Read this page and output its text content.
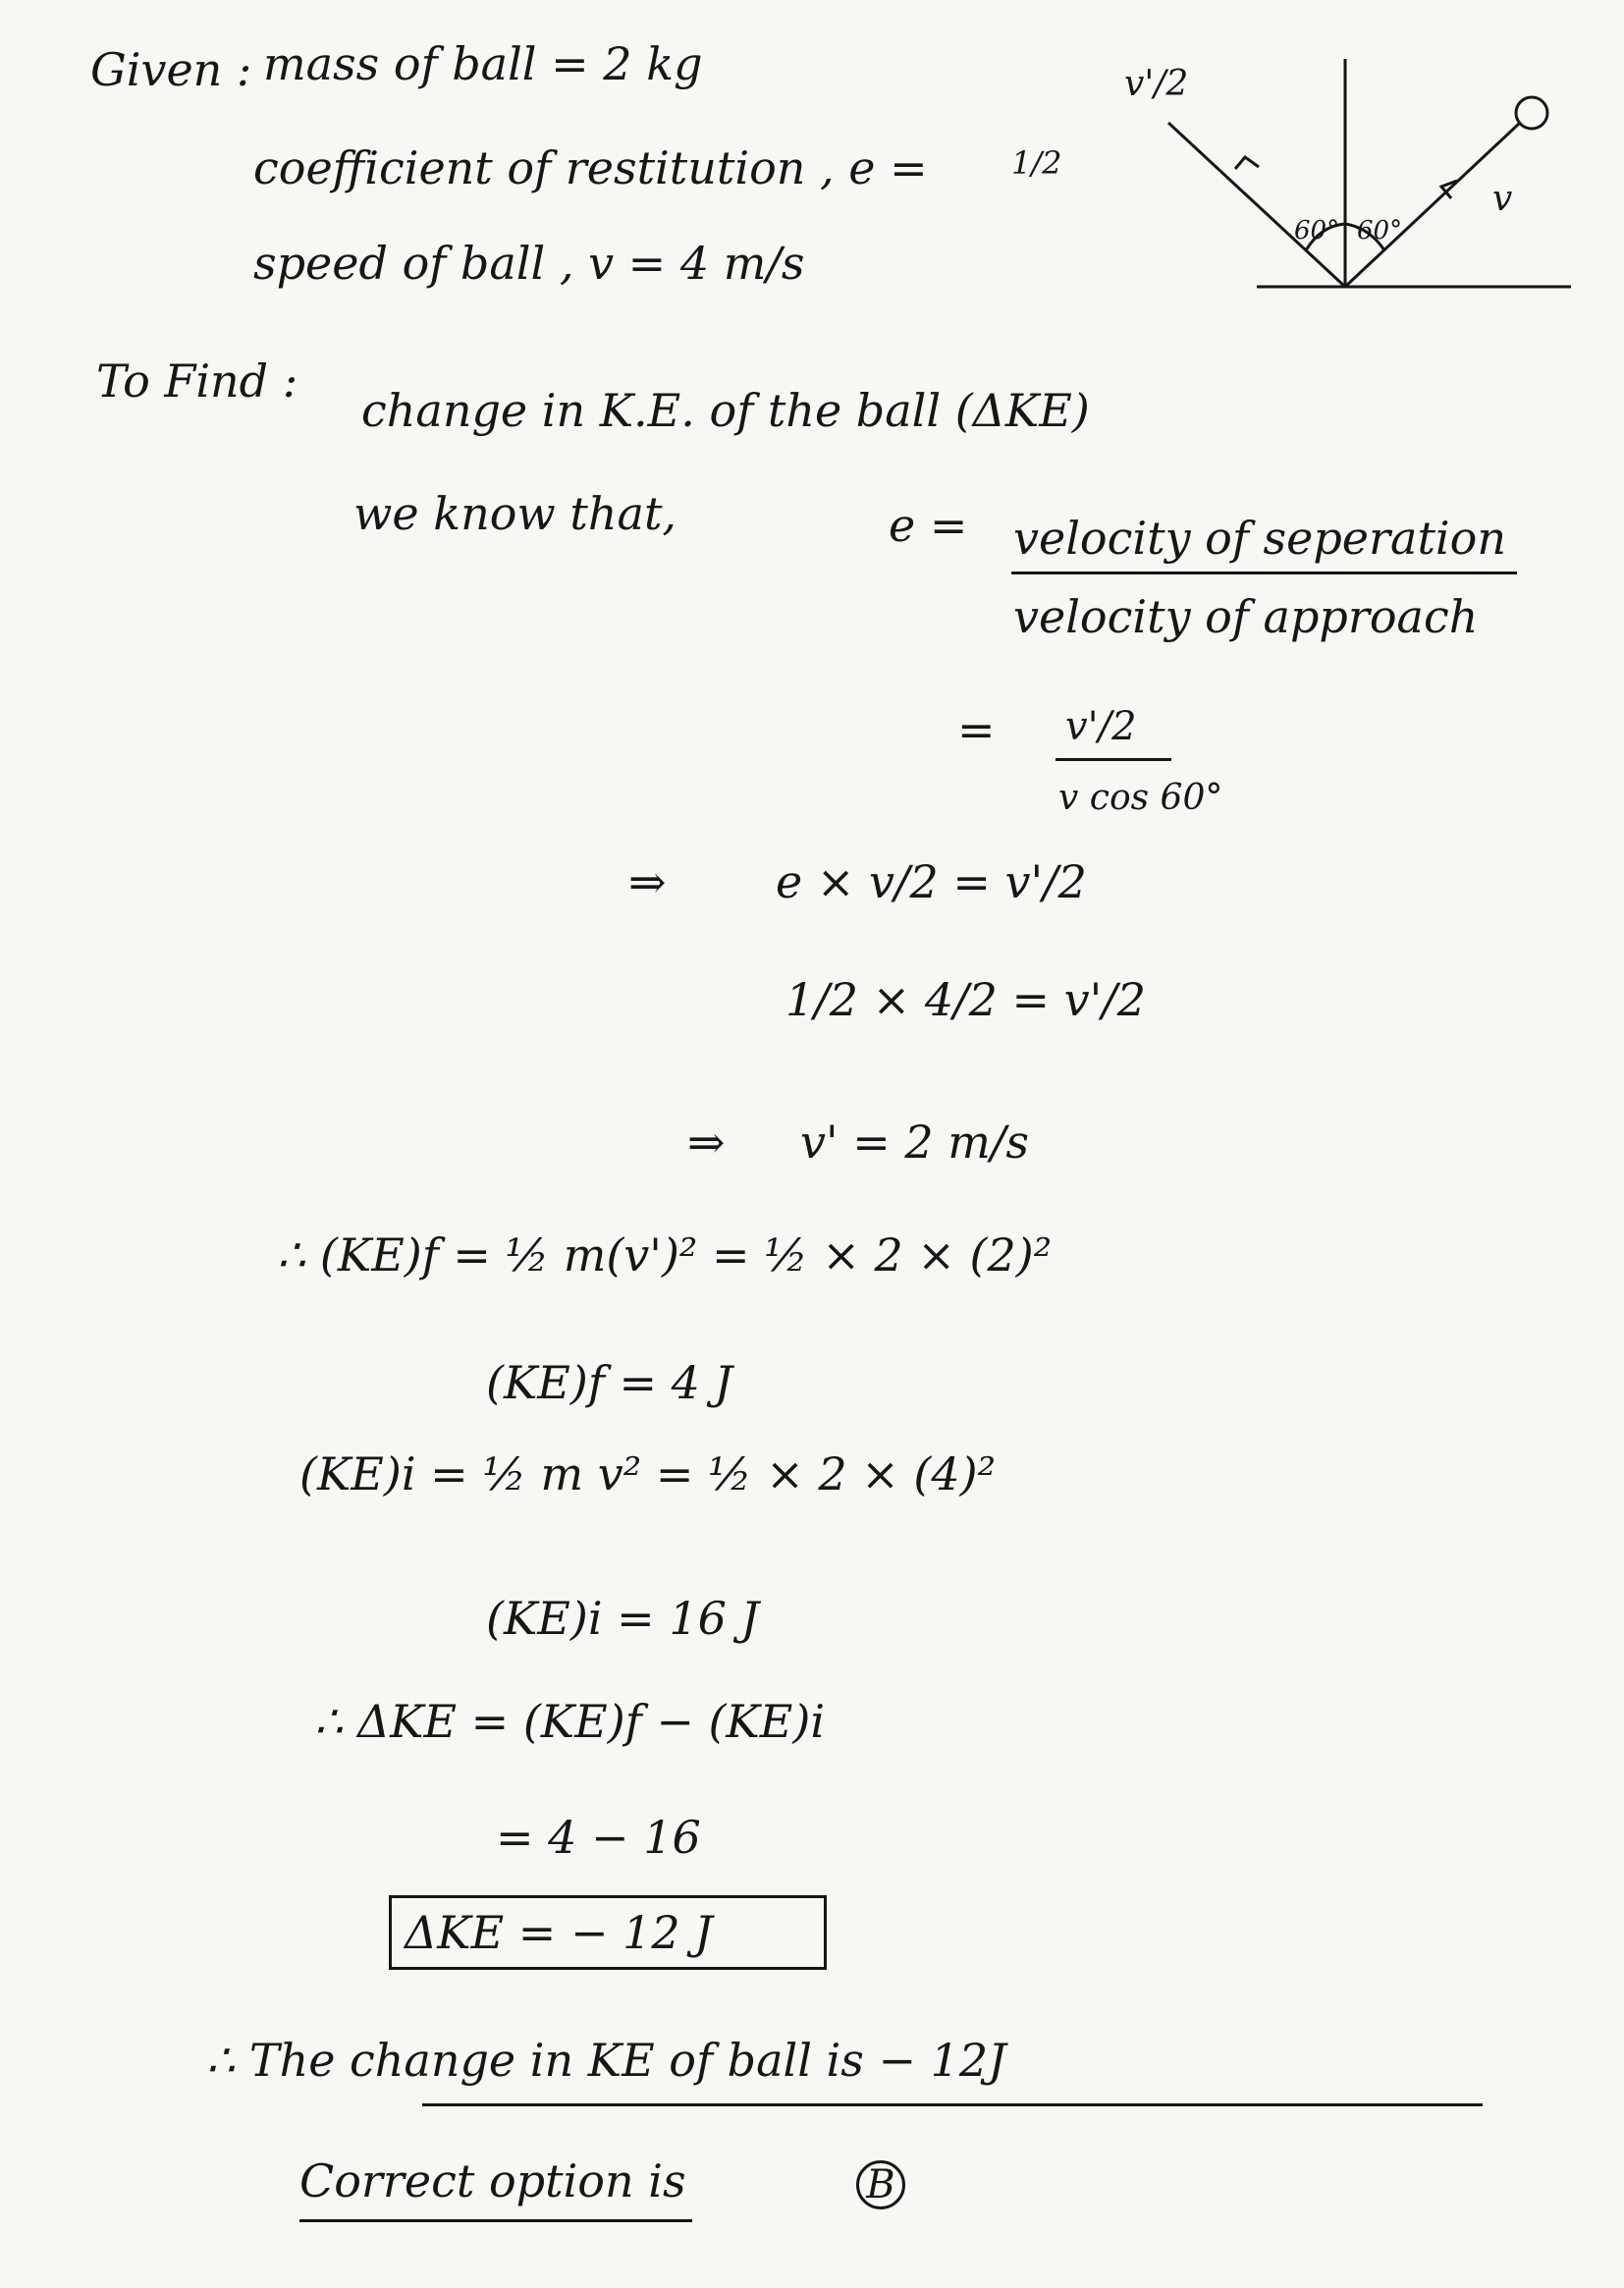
Given : mass of ball = 2 kg
coefficient of restitution , e =	1/2
speed of ball , v = 4 m/s
v'/2
v
60° 60°
To Find :
change in K.E. of the ball (ΔKE)
we know that,	e = velocity of seperation
velocity of approach
= v'/2
v cos 60°
⇒ e × v/2 = v'/2
1/2 × 4/2 = v'/2
⇒ v' = 2 m/s
∴ (KE)f = ½ m(v')² = ½ × 2 × (2)²
(KE)f = 4 J
(KE)i = ½ m v² = ½ × 2 × (4)²
(KE)i = 16 J
∴ ΔKE = (KE)f − (KE)i
= 4 − 16
ΔKE = − 12 J
∴ The change in KE of ball is − 12J
Correct option is	B
